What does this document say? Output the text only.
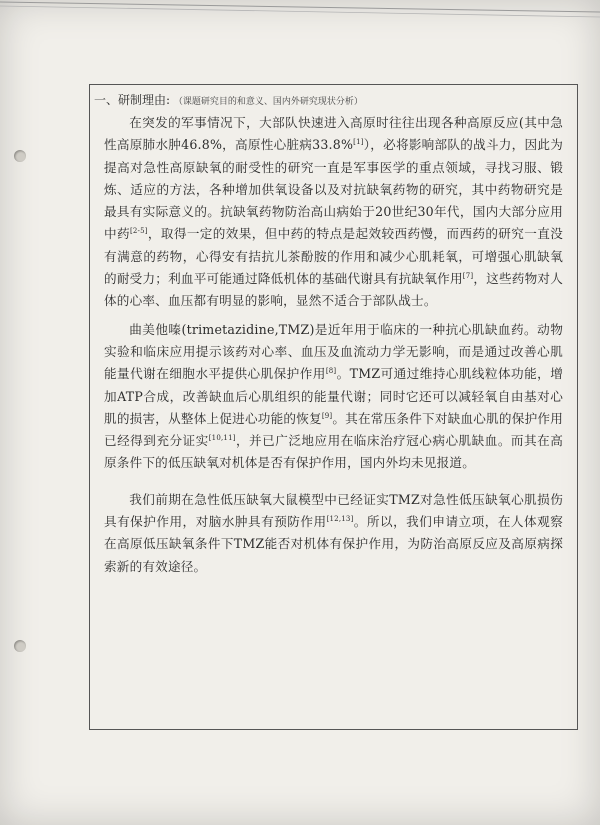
一、研制理由: （课题研究目的和意义、国内外研究现状分析）

在突发的军事情况下，大部队快速进入高原时往往出现各种高原反应(其中急性高原肺水肿46.8%，高原性心脏病33.8%[1]），必将影响部队的战斗力，因此为提高对急性高原缺氧的耐受性的研究一直是军事医学的重点领域，寻找习服、锻炼、适应的方法，各种增加供氧设备以及对抗缺氧药物的研究，其中药物研究是最具有实际意义的。抗缺氧药物防治高山病始于20世纪30年代，国内大部分应用中药[2-5]，取得一定的效果，但中药的特点是起效较西药慢，而西药的研究一直没有满意的药物，心得安有拮抗儿茶酚胺的作用和减少心肌耗氧，可增强心肌缺氧的耐受力；利血平可能通过降低机体的基础代谢具有抗缺氧作用[7]，这些药物对人体的心率、血压都有明显的影响，显然不适合于部队战士。

曲美他嗪(trimetazidine,TMZ)是近年用于临床的一种抗心肌缺血药。动物实验和临床应用提示该药对心率、血压及血流动力学无影响，而是通过改善心肌能量代谢在细胞水平提供心肌保护作用[8]。TMZ可通过维持心肌线粒体功能，增加ATP合成，改善缺血后心肌组织的能量代谢；同时它还可以减轻氧自由基对心肌的损害，从整体上促进心功能的恢复[9]。其在常压条件下对缺血心肌的保护作用已经得到充分证实[10,11]，并已广泛地应用在临床治疗冠心病心肌缺血。而其在高原条件下的低压缺氧对机体是否有保护作用，国内外均未见报道。

我们前期在急性低压缺氧大鼠模型中已经证实TMZ对急性低压缺氧心肌损伤具有保护作用，对脑水肿具有预防作用[12,13]。所以，我们申请立项，在人体观察在高原低压缺氧条件下TMZ能否对机体有保护作用，为防治高原反应及高原病探索新的有效途径。
